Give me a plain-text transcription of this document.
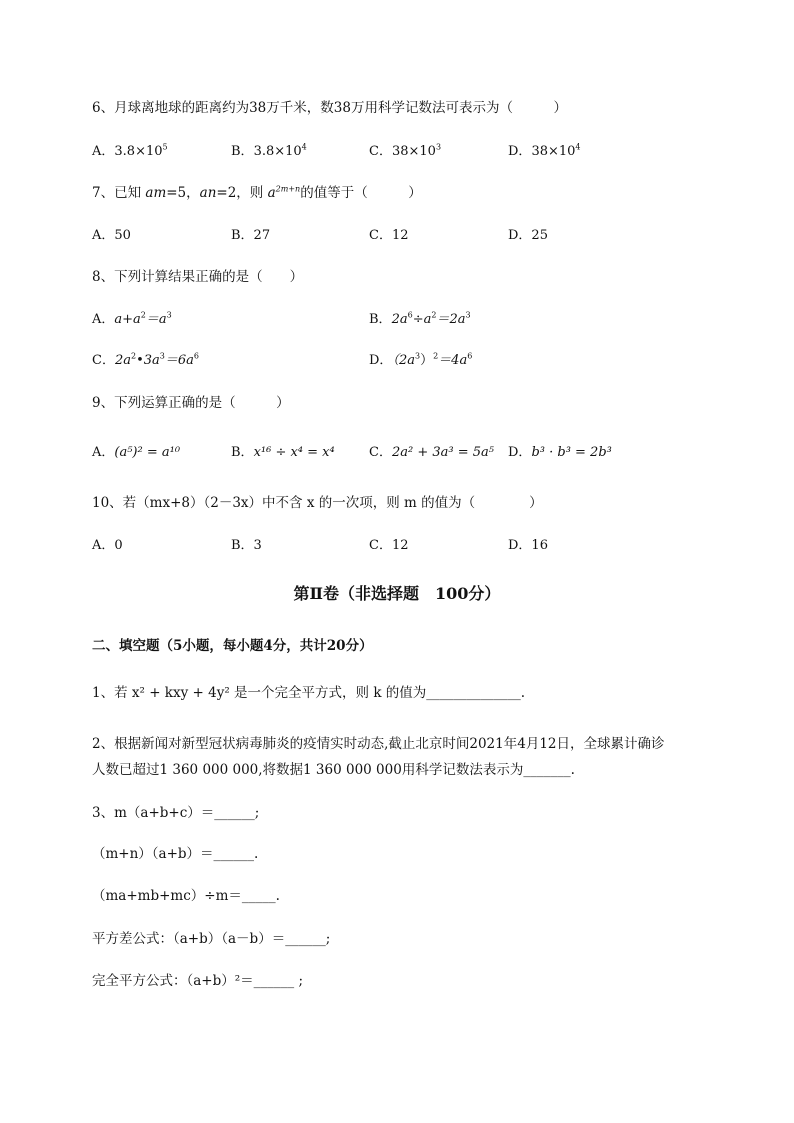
6、月球离地球的距离约为38万千米，数38万用科学记数法可表示为（　　　）
A．$3.8\times 10^5$	B．$3.8\times 10^4$	C．$38\times 10^3$	D．$38\times 10^4$
7、已知 am=5，an=2，则 $a^{2m+n}$的值等于（　　　）
A．50	B．27	C．12	D．25
8、下列计算结果正确的是（　　）
A．$a+a^2=a^3$	B．$2a^6\div a^2=2a^3$
C．$2a^2•3a^3=6a^6$	D．$(2a^3)^2=4a^6$
9、下列运算正确的是（　　　）
A．(a⁵)² = a¹⁰	B．x¹⁶ ÷ x⁴ = x⁴	C．2a² + 3a³ = 5a⁵ D．b³ · b³ = 2b³
10、若（mx+8）（2－3x）中不含 x 的一次项，则 m 的值为（　　　　）
A．0	B．3	C．12	D．16
第Ⅱ卷（非选择题　100分）
二、填空题（5小题，每小题4分，共计20分）
1、若 x² + kxy + 4y² 是一个完全平方式，则 k 的值为______________.
2、根据新闻对新型冠状病毒肺炎的疫情实时动态,截止北京时间2021年4月12日，全球累计确诊
人数已超过1 360 000 000,将数据1 360 000 000用科学记数法表示为_______.
3、m（a+b+c）＝______;
（m+n）（a+b）＝______.
（ma+mb+mc）÷m＝_____.
平方差公式：（a+b）（a－b）＝______;
完全平方公式：（a+b）²＝______ ;
